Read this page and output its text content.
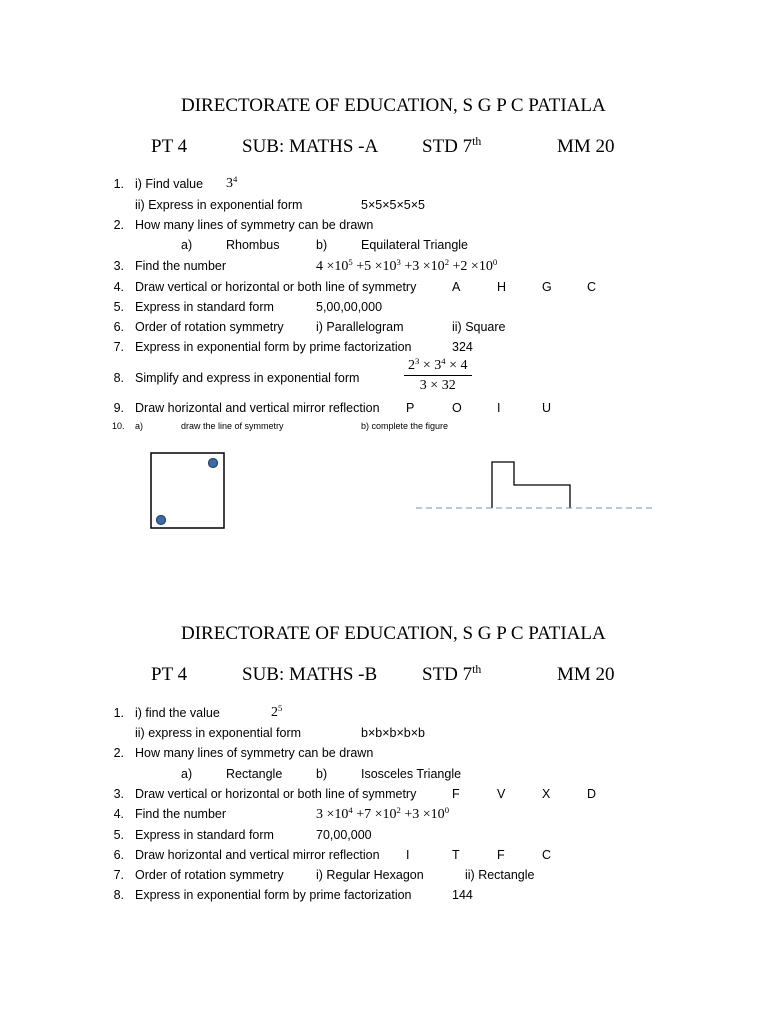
DIRECTORATE OF EDUCATION, S G P C PATIALA
PT 4	SUB: MATHS -A STD 7th	MM 20
1. i) Find value $3^4$
ii) Express in exponential form	5×5×5×5×5
2. How many lines of symmetry can be drawn
a)	Rhombus	b)	Equilateral Triangle
3. Find the number	$4 \times 10^5 +5 \times 10^3 +3 \times 10^2 +2 \times 10^0$
4. Draw vertical or horizontal or both line of symmetry	A	H	G	C
5. Express in standard form	5,00,00,000
6. Order of rotation symmetry	i) Parallelogram	ii) Square
7. Express in exponential form by prime factorization	324
8. Simplify and express in exponential form	$\frac{2^3 \times 3^4 \times 4}{3 \times 32}$
9. Draw horizontal and vertical mirror reflection P	O	I	U
10. a)	draw the line of symmetry	b) complete the figure
DIRECTORATE OF EDUCATION, S G P C PATIALA
PT 4	SUB: MATHS -B STD 7th	MM 20
1. i) find the value	$2^5$
ii) express in exponential form	b×b×b×b×b
2. How many lines of symmetry can be drawn
a)	Rectangle	b)	Isosceles Triangle
3. Draw vertical or horizontal or both line of symmetry	F	V	X	D
4. Find the number	$3 \times 10^4 +7 \times 10^2 +3 \times 10^0$
5. Express in standard form	70,00,000
6. Draw horizontal and vertical mirror reflection I	T	F	C
7. Order of rotation symmetry	i) Regular Hexagon	ii) Rectangle
8. Express in exponential form by prime factorization	144
